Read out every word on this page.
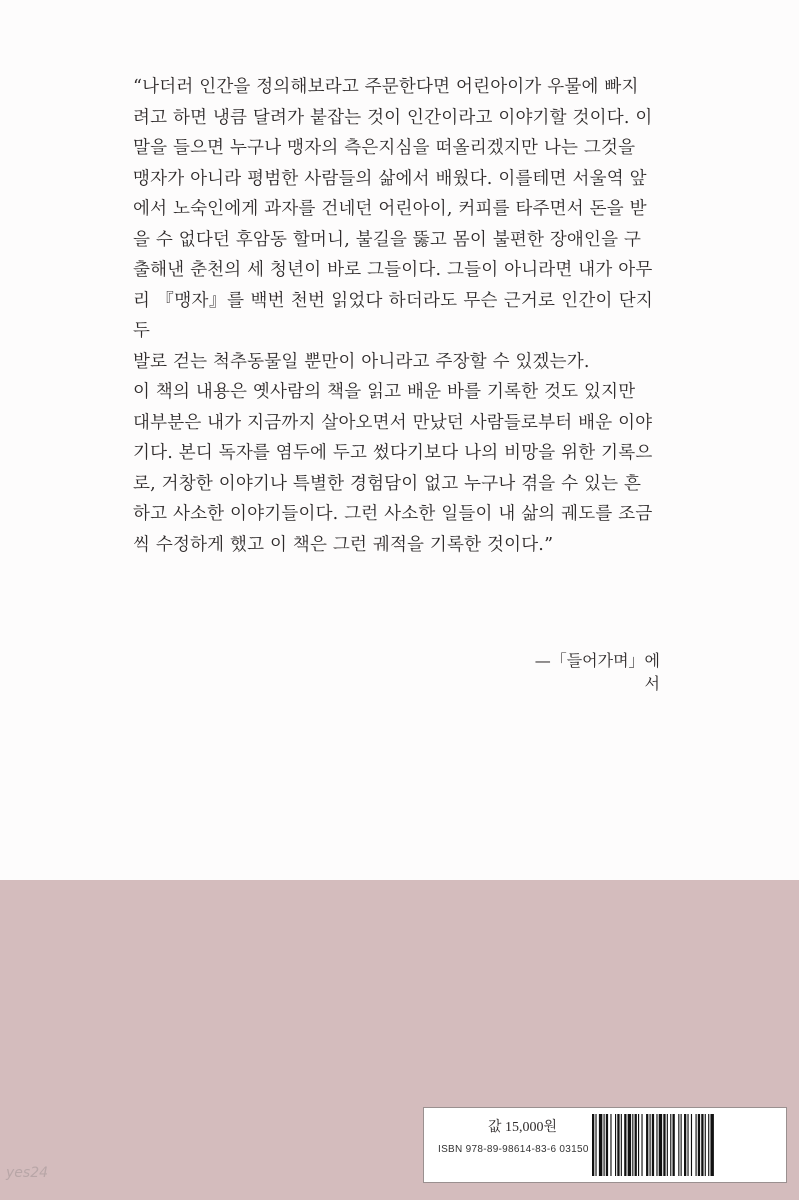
“나더러 인간을 정의해보라고 주문한다면 어린아이가 우물에 빠지
려고 하면 냉큼 달려가 붙잡는 것이 인간이라고 이야기할 것이다. 이
말을 들으면 누구나 맹자의 측은지심을 떠올리겠지만 나는 그것을
맹자가 아니라 평범한 사람들의 삶에서 배웠다. 이를테면 서울역 앞
에서 노숙인에게 과자를 건네던 어린아이, 커피를 타주면서 돈을 받
을 수 없다던 후암동 할머니, 불길을 뚫고 몸이 불편한 장애인을 구
출해낸 춘천의 세 청년이 바로 그들이다. 그들이 아니라면 내가 아무
리 『맹자』를 백번 천번 읽었다 하더라도 무슨 근거로 인간이 단지 두
발로 걷는 척추동물일 뿐만이 아니라고 주장할 수 있겠는가.
이 책의 내용은 옛사람의 책을 읽고 배운 바를 기록한 것도 있지만
대부분은 내가 지금까지 살아오면서 만났던 사람들로부터 배운 이야
기다. 본디 독자를 염두에 두고 썼다기보다 나의 비망을 위한 기록으
로, 거창한 이야기나 특별한 경험담이 없고 누구나 겪을 수 있는 흔
하고 사소한 이야기들이다. 그런 사소한 일들이 내 삶의 궤도를 조금
씩 수정하게 했고 이 책은 그런 궤적을 기록한 것이다.”
—「들어가며」에서
값 15,000원
ISBN 978-89-98614-83-6 03150
yes24
